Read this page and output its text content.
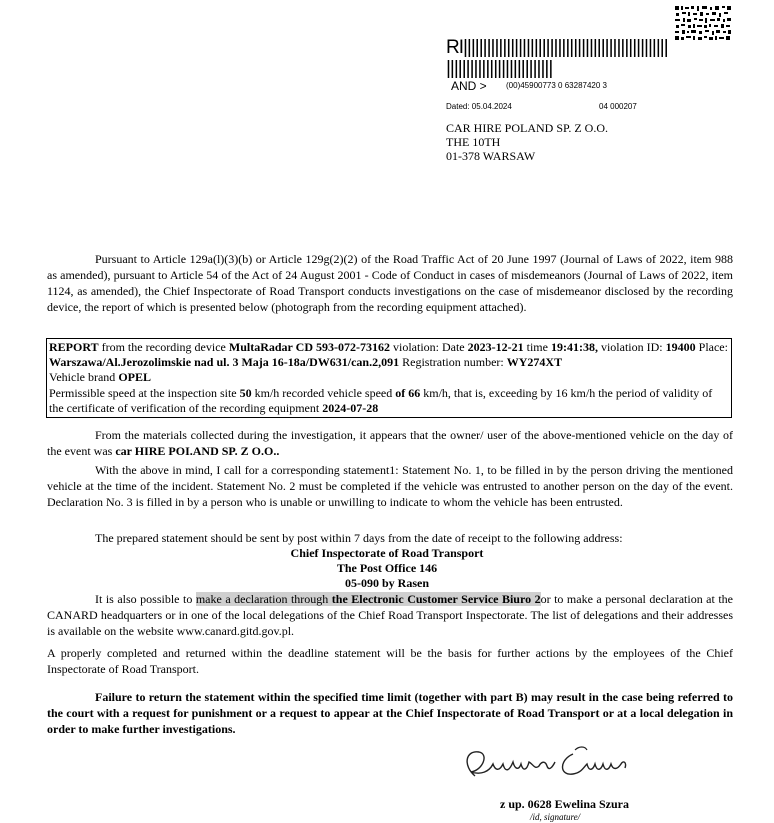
RI||||||||||||||||||||||||||||||||||||||||||||||||||||
|||||||||||||||||||||||||||
AND > (00)45900773 0 63287420 3
Dated: 05.04.2024	04 000207
CAR HIRE POLAND SP. Z O.O.
THE 10TH
01-378 WARSAW
Pursuant to Article 129a(l)(3)(b) or Article 129g(2)(2) of the Road Traffic Act of 20 June 1997 (Journal of Laws of 2022, item 988 as amended), pursuant to Article 54 of the Act of 24 August 2001 - Code of Conduct in cases of misdemeanors (Journal of Laws of 2022, item 1124, as amended), the Chief Inspectorate of Road Transport conducts investigations on the case of misdemeanor disclosed by the recording device, the report of which is presented below (photograph from the recording equipment attached).
REPORT from the recording device MultaRadar CD 593-072-73162 violation: Date 2023-12-21 time 19:41:38, violation ID: 19400 Place: Warszawa/Al.Jerozolimskie nad ul. 3 Maja 16-18a/DW631/can.2,091 Registration number: WY274XT
Vehicle brand OPEL
Permissible speed at the inspection site 50 km/h recorded vehicle speed of 66 km/h, that is, exceeding by 16 km/h the period of validity of the certificate of verification of the recording equipment 2024-07-28
From the materials collected during the investigation, it appears that the owner/ user of the above-mentioned vehicle on the day of the event was car HIRE POI.AND SP. Z O.O..
With the above in mind, I call for a corresponding statement1: Statement No. 1, to be filled in by the person driving the mentioned vehicle at the time of the incident. Statement No. 2 must be completed if the vehicle was entrusted to another person on the day of the event. Declaration No. 3 is filled in by a person who is unable or unwilling to indicate to whom the vehicle has been entrusted.
The prepared statement should be sent by post within 7 days from the date of receipt to the following address:
Chief Inspectorate of Road Transport
The Post Office 146
05-090 by Rasen
It is also possible to make a declaration through the Electronic Customer Service Biuro 2or to make a personal declaration at the CANARD headquarters or in one of the local delegations of the Chief Road Transport Inspectorate. The list of delegations and their addresses is available on the website www.canard.gitd.gov.pl.
A properly completed and returned within the deadline statement will be the basis for further actions by the employees of the Chief Inspectorate of Road Transport.
Failure to return the statement within the specified time limit (together with part B) may result in the case being referred to the court with a request for punishment or a request to appear at the Chief Inspectorate of Road Transport or at a local delegation in order to make further investigations.
z up. 0628 Ewelina Szura
/id, signature/
